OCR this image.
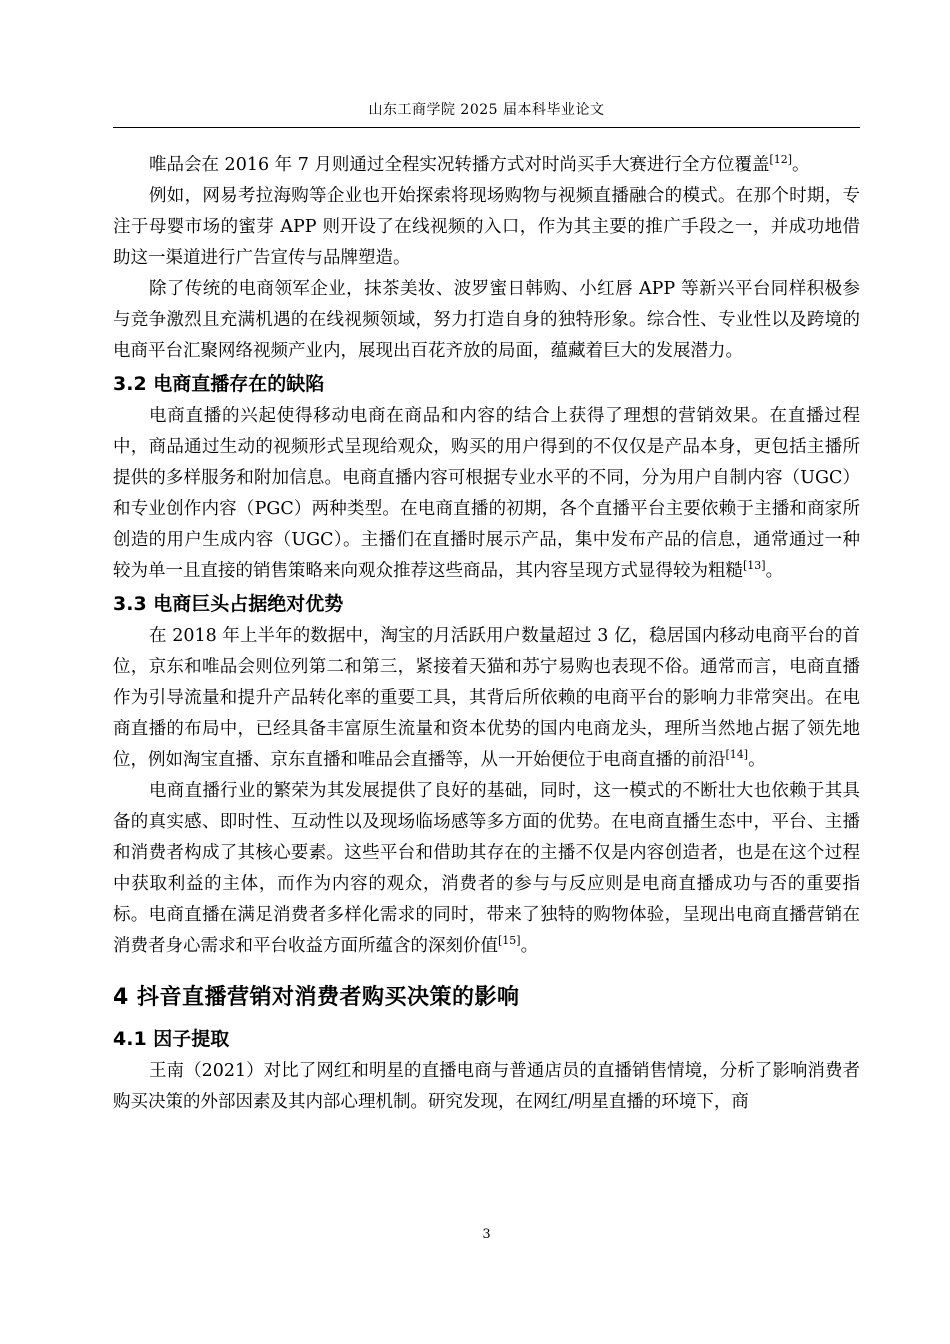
山东工商学院 2025 届本科毕业论文

唯品会在 2016 年 7 月则通过全程实况转播方式对时尚买手大赛进行全方位覆盖[12]。

例如，网易考拉海购等企业也开始探索将现场购物与视频直播融合的模式。在那个时期，专注于母婴市场的蜜芽 APP 则开设了在线视频的入口，作为其主要的推广手段之一，并成功地借助这一渠道进行广告宣传与品牌塑造。

除了传统的电商领军企业，抹茶美妆、波罗蜜日韩购、小红唇 APP 等新兴平台同样积极参与竞争激烈且充满机遇的在线视频领域，努力打造自身的独特形象。综合性、专业性以及跨境的电商平台汇聚网络视频产业内，展现出百花齐放的局面，蕴藏着巨大的发展潜力。

3.2 电商直播存在的缺陷

电商直播的兴起使得移动电商在商品和内容的结合上获得了理想的营销效果。在直播过程中，商品通过生动的视频形式呈现给观众，购买的用户得到的不仅仅是产品本身，更包括主播所提供的多样服务和附加信息。电商直播内容可根据专业水平的不同，分为用户自制内容（UGC）和专业创作内容（PGC）两种类型。在电商直播的初期，各个直播平台主要依赖于主播和商家所创造的用户生成内容（UGC）。主播们在直播时展示产品，集中发布产品的信息，通常通过一种较为单一且直接的销售策略来向观众推荐这些商品，其内容呈现方式显得较为粗糙[13]。

3.3 电商巨头占据绝对优势

在 2018 年上半年的数据中，淘宝的月活跃用户数量超过 3 亿，稳居国内移动电商平台的首位，京东和唯品会则位列第二和第三，紧接着天猫和苏宁易购也表现不俗。通常而言，电商直播作为引导流量和提升产品转化率的重要工具，其背后所依赖的电商平台的影响力非常突出。在电商直播的布局中，已经具备丰富原生流量和资本优势的国内电商龙头，理所当然地占据了领先地位，例如淘宝直播、京东直播和唯品会直播等，从一开始便位于电商直播的前沿[14]。

电商直播行业的繁荣为其发展提供了良好的基础，同时，这一模式的不断壮大也依赖于其具备的真实感、即时性、互动性以及现场临场感等多方面的优势。在电商直播生态中，平台、主播和消费者构成了其核心要素。这些平台和借助其存在的主播不仅是内容创造者，也是在这个过程中获取利益的主体，而作为内容的观众，消费者的参与与反应则是电商直播成功与否的重要指标。电商直播在满足消费者多样化需求的同时，带来了独特的购物体验，呈现出电商直播营销在消费者身心需求和平台收益方面所蕴含的深刻价值[15]。

4 抖音直播营销对消费者购买决策的影响
4.1 因子提取

王南（2021）对比了网红和明星的直播电商与普通店员的直播销售情境，分析了影响消费者购买决策的外部因素及其内部心理机制。研究发现，在网红/明星直播的环境下，商

3
